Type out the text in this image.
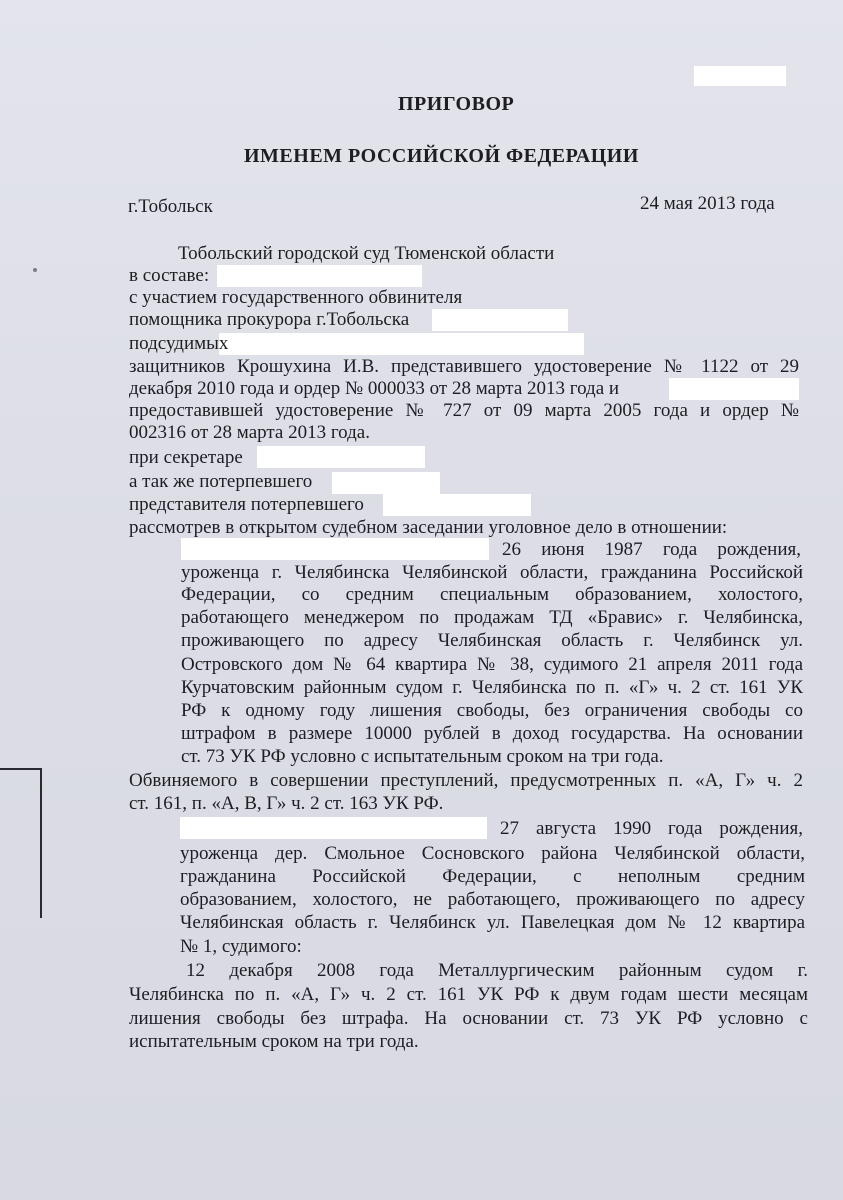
ПРИГОВОР
ИМЕНЕМ РОССИЙСКОЙ ФЕДЕРАЦИИ
г.Тобольск	24 мая 2013 года
Тобольский городской суд Тюменской области
в составе:
с участием государственного обвинителя
помощника прокурора г.Тобольска
подсудимых
защитников Крошухина И.В. представившего удостоверение № 1122 от 29
декабря 2010 года и ордер № 000033 от 28 марта 2013 года и
предоставившей удостоверение № 727 от 09 марта 2005 года и ордер №
002316 от 28 марта 2013 года.
при секретаре
а так же потерпевшего
представителя потерпевшего
рассмотрев в открытом судебном заседании уголовное дело в отношении:
26 июня 1987 года рождения,
уроженца г. Челябинска Челябинской области, гражданина Российской
Федерации, со средним специальным образованием, холостого,
работающего менеджером по продажам ТД «Бравис» г. Челябинска,
проживающего по адресу Челябинская область г. Челябинск ул.
Островского дом № 64 квартира № 38, судимого 21 апреля 2011 года
Курчатовским районным судом г. Челябинска по п. «Г» ч. 2 ст. 161 УК
РФ к одному году лишения свободы, без ограничения свободы со
штрафом в размере 10000 рублей в доход государства. На основании
ст. 73 УК РФ условно с испытательным сроком на три года.
Обвиняемого в совершении преступлений, предусмотренных п. «А, Г» ч. 2
ст. 161, п. «А, В, Г» ч. 2 ст. 163 УК РФ.
27 августа 1990 года рождения,
уроженца дер. Смольное Сосновского района Челябинской области,
гражданина Российской Федерации, с неполным средним
образованием, холостого, не работающего, проживающего по адресу
Челябинская область г. Челябинск ул. Павелецкая дом № 12 квартира
№ 1, судимого:
12 декабря 2008 года Металлургическим районным судом г.
Челябинска по п. «А, Г» ч. 2 ст. 161 УК РФ к двум годам шести месяцам
лишения свободы без штрафа. На основании ст. 73 УК РФ условно с
испытательным сроком на три года.
